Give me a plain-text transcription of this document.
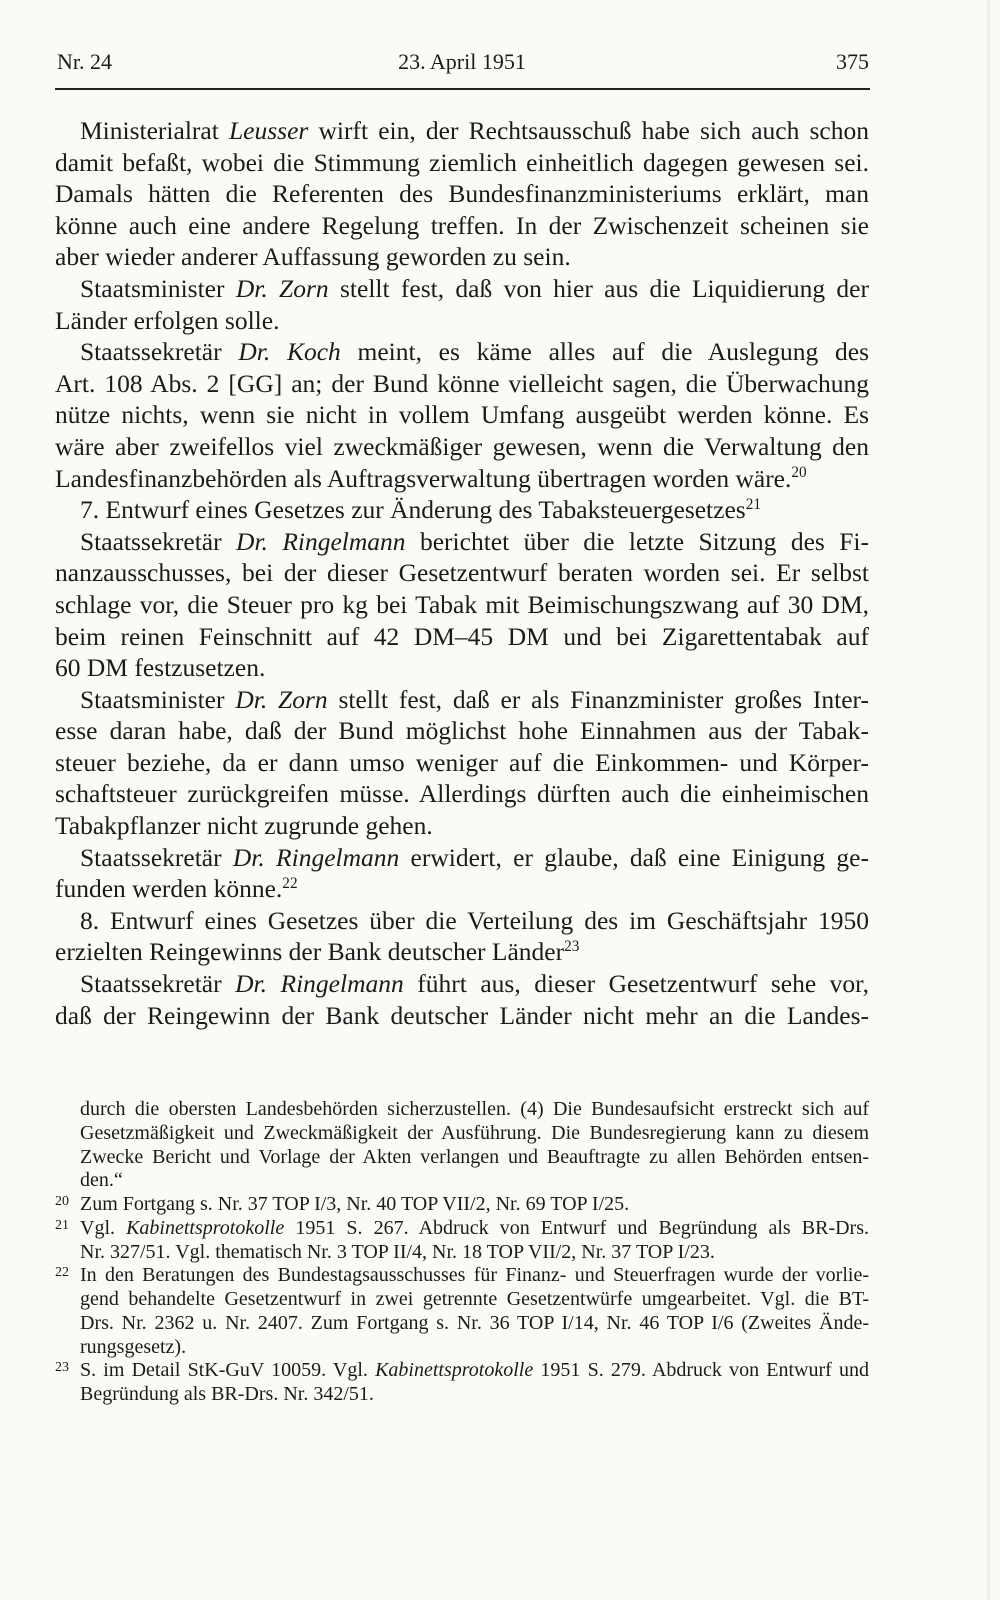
Nr. 24	23. April 1951	375
Ministerialrat Leusser wirft ein, der Rechtsausschuß habe sich auch schon
damit befaßt, wobei die Stimmung ziemlich einheitlich dagegen gewesen sei.
Damals hätten die Referenten des Bundesfinanzministeriums erklärt, man
könne auch eine andere Regelung treffen. In der Zwischenzeit scheinen sie
aber wieder anderer Auffassung geworden zu sein.
Staatsminister Dr. Zorn stellt fest, daß von hier aus die Liquidierung der
Länder erfolgen solle.
Staatssekretär Dr. Koch meint, es käme alles auf die Auslegung des
Art. 108 Abs. 2 [GG] an; der Bund könne vielleicht sagen, die Überwachung
nütze nichts, wenn sie nicht in vollem Umfang ausgeübt werden könne. Es
wäre aber zweifellos viel zweckmäßiger gewesen, wenn die Verwaltung den
Landesfinanzbehörden als Auftragsverwaltung übertragen worden wäre.$^{20}$
7. Entwurf eines Gesetzes zur Änderung des Tabaksteuergesetzes$^{21}$
Staatssekretär Dr. Ringelmann berichtet über die letzte Sitzung des Fi-
nanzausschusses, bei der dieser Gesetzentwurf beraten worden sei. Er selbst
schlage vor, die Steuer pro kg bei Tabak mit Beimischungszwang auf 30 DM,
beim reinen Feinschnitt auf 42 DM–45 DM und bei Zigarettentabak auf
60 DM festzusetzen.
Staatsminister Dr. Zorn stellt fest, daß er als Finanzminister großes Inter-
esse daran habe, daß der Bund möglichst hohe Einnahmen aus der Tabak-
steuer beziehe, da er dann umso weniger auf die Einkommen- und Körper-
schaftsteuer zurückgreifen müsse. Allerdings dürften auch die einheimischen
Tabakpflanzer nicht zugrunde gehen.
Staatssekretär Dr. Ringelmann erwidert, er glaube, daß eine Einigung ge-
funden werden könne.$^{22}$
8. Entwurf eines Gesetzes über die Verteilung des im Geschäftsjahr 1950
erzielten Reingewinns der Bank deutscher Länder$^{23}$
Staatssekretär Dr. Ringelmann führt aus, dieser Gesetzentwurf sehe vor,
daß der Reingewinn der Bank deutscher Länder nicht mehr an die Landes-
durch die obersten Landesbehörden sicherzustellen. (4) Die Bundesaufsicht erstreckt sich auf
Gesetzmäßigkeit und Zweckmäßigkeit der Ausführung. Die Bundesregierung kann zu diesem
Zwecke Bericht und Vorlage der Akten verlangen und Beauftragte zu allen Behörden entsen-
den.“
20 Zum Fortgang s. Nr. 37 TOP I/3, Nr. 40 TOP VII/2, Nr. 69 TOP I/25.
21 Vgl. Kabinettsprotokolle 1951 S. 267. Abdruck von Entwurf und Begründung als BR-Drs.
Nr. 327/51. Vgl. thematisch Nr. 3 TOP II/4, Nr. 18 TOP VII/2, Nr. 37 TOP I/23.
22 In den Beratungen des Bundestagsausschusses für Finanz- und Steuerfragen wurde der vorlie-
gend behandelte Gesetzentwurf in zwei getrennte Gesetzentwürfe umgearbeitet. Vgl. die BT-
Drs. Nr. 2362 u. Nr. 2407. Zum Fortgang s. Nr. 36 TOP I/14, Nr. 46 TOP I/6 (Zweites Ände-
rungsgesetz).
23 S. im Detail StK-GuV 10059. Vgl. Kabinettsprotokolle 1951 S. 279. Abdruck von Entwurf und
Begründung als BR-Drs. Nr. 342/51.
